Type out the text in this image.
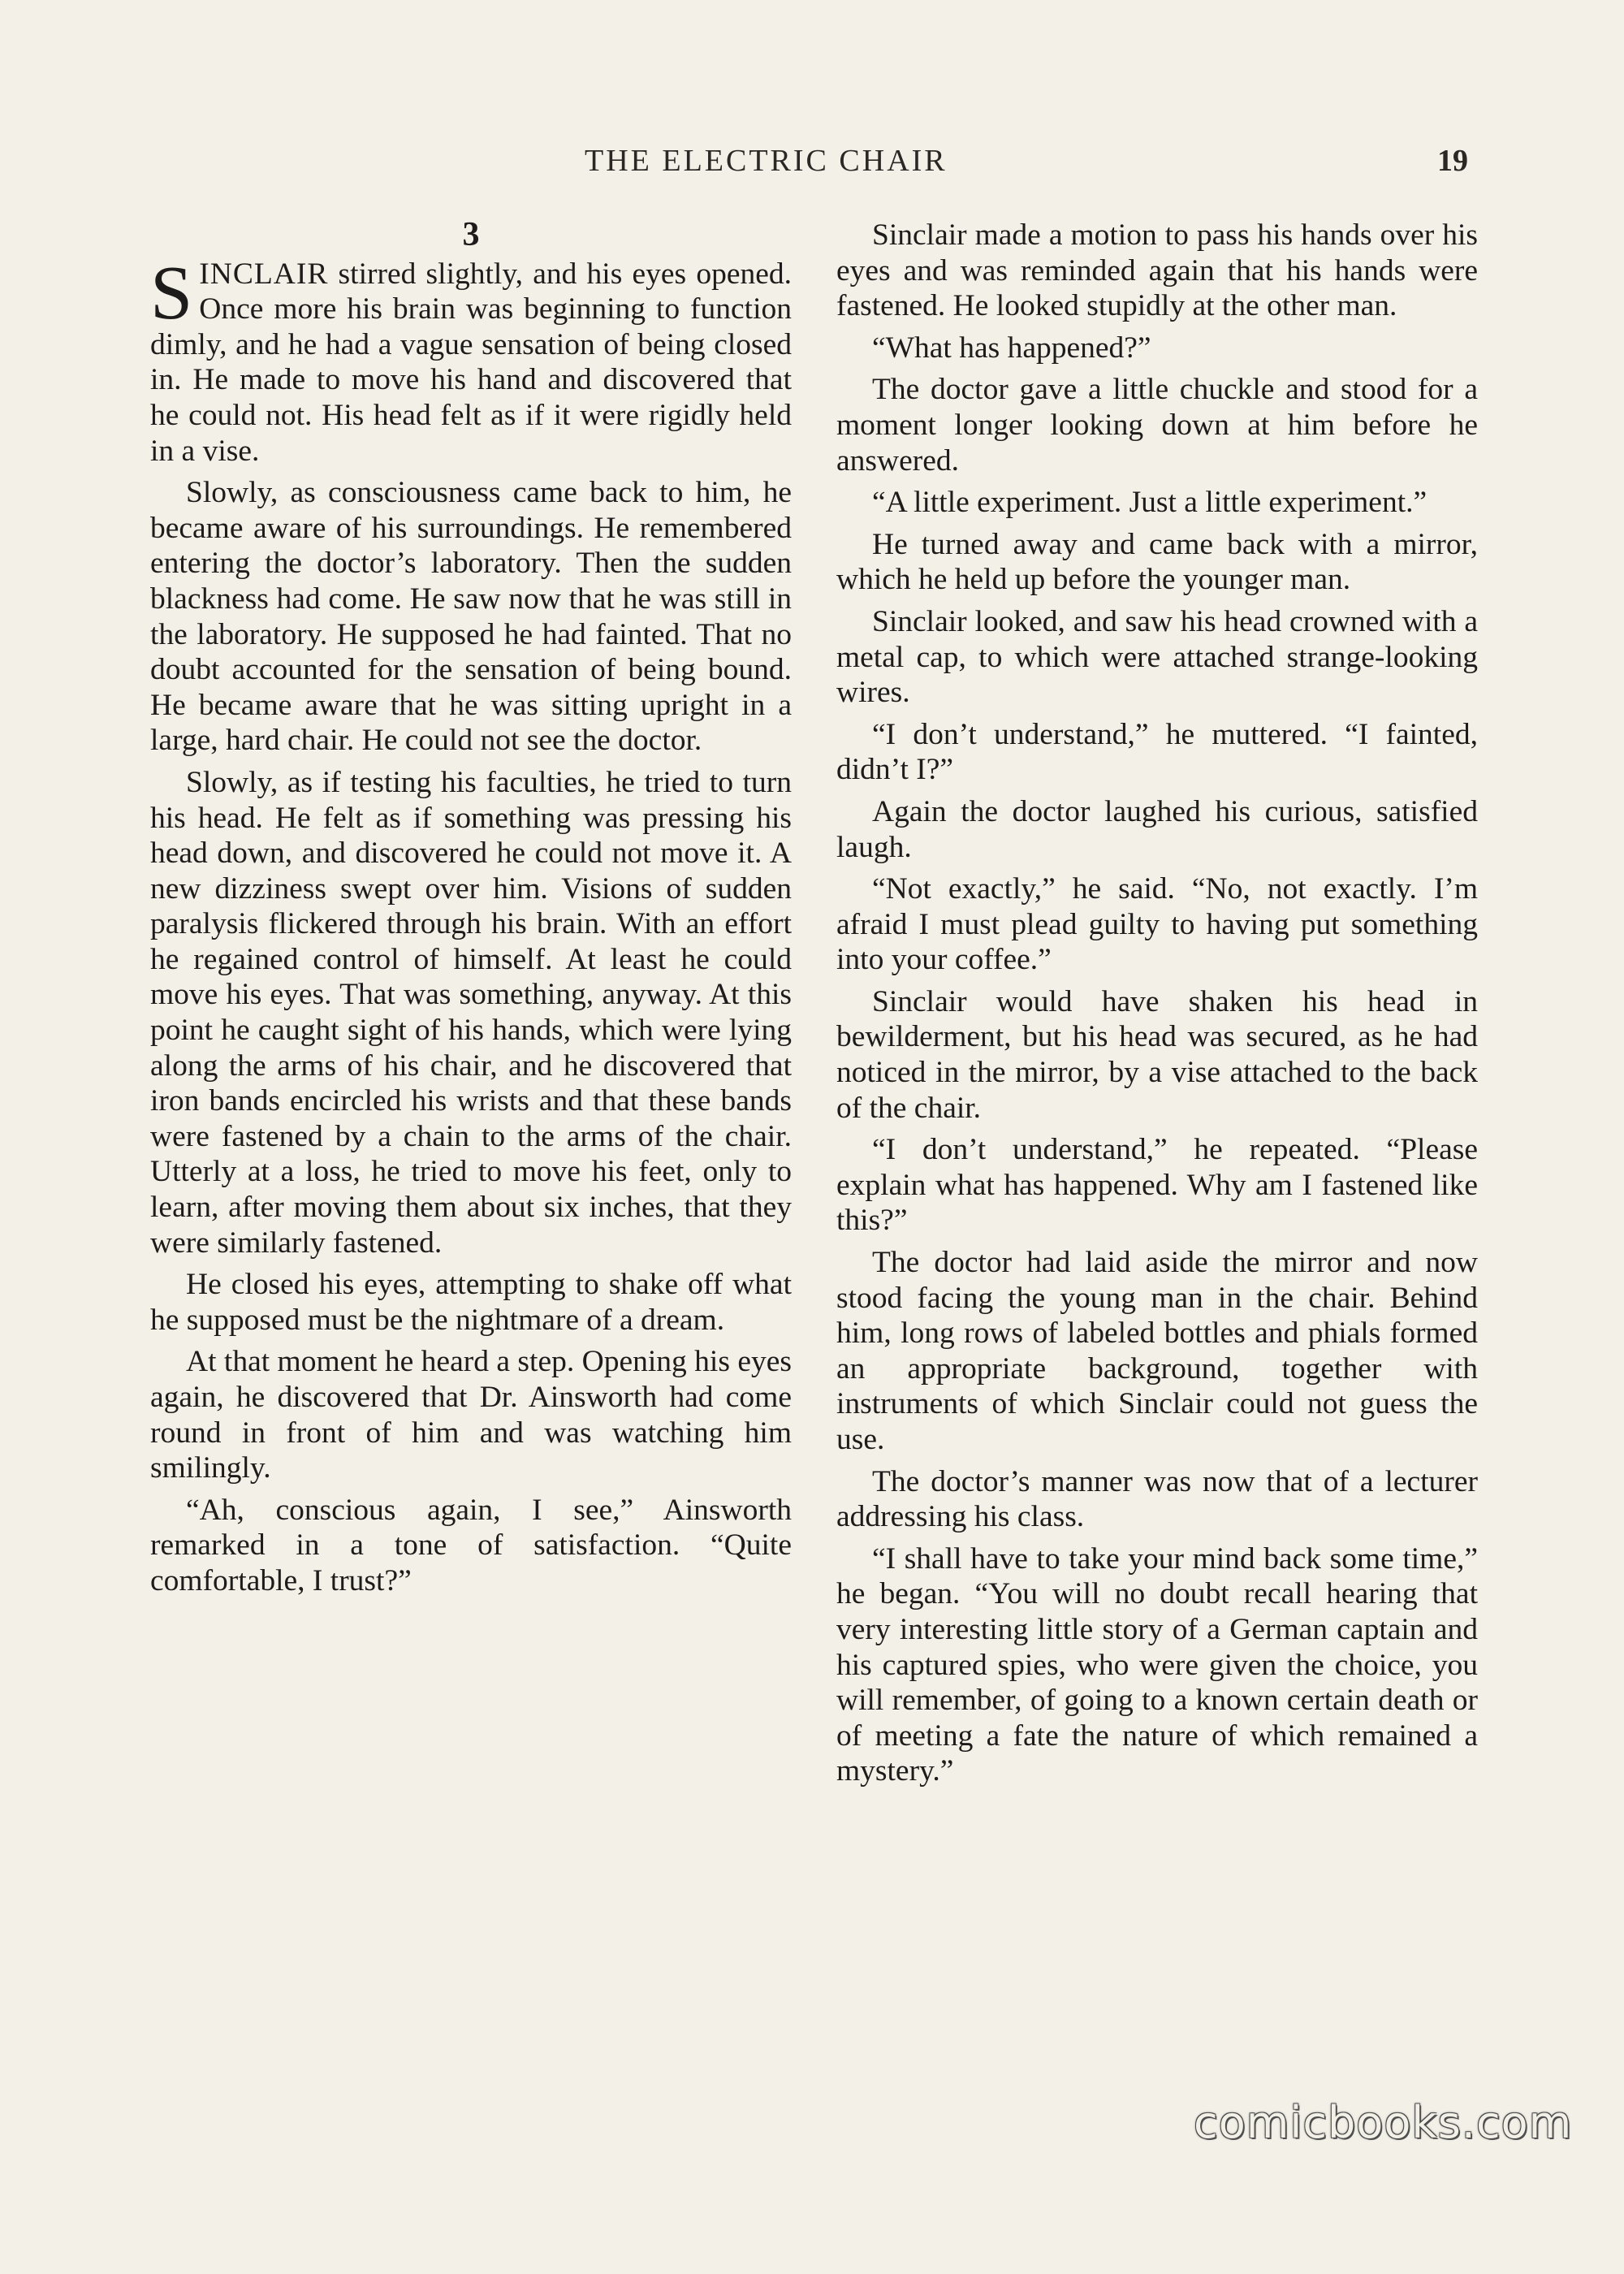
THE ELECTRIC CHAIR	19
3

SINCLAIR stirred slightly, and his eyes opened. Once more his brain was beginning to function dimly, and he had a vague sensation of being closed in. He made to move his hand and discovered that he could not. His head felt as if it were rigidly held in a vise.

Slowly, as consciousness came back to him, he became aware of his surroundings. He remembered entering the doctor’s laboratory. Then the sudden blackness had come. He saw now that he was still in the laboratory. He supposed he had fainted. That no doubt accounted for the sensation of being bound. He became aware that he was sitting upright in a large, hard chair. He could not see the doctor.

Slowly, as if testing his faculties, he tried to turn his head. He felt as if something was pressing his head down, and discovered he could not move it. A new dizziness swept over him. Visions of sudden paralysis flickered through his brain. With an effort he regained control of himself. At least he could move his eyes. That was something, anyway. At this point he caught sight of his hands, which were lying along the arms of his chair, and he discovered that iron bands encircled his wrists and that these bands were fastened by a chain to the arms of the chair. Utterly at a loss, he tried to move his feet, only to learn, after moving them about six inches, that they were similarly fastened.

He closed his eyes, attempting to shake off what he supposed must be the nightmare of a dream.

At that moment he heard a step. Opening his eyes again, he discovered that Dr. Ainsworth had come round in front of him and was watching him smilingly.

“Ah, conscious again, I see,” Ainsworth remarked in a tone of satisfaction. “Quite comfortable, I trust?”

Sinclair made a motion to pass his hands over his eyes and was reminded again that his hands were fastened. He looked stupidly at the other man.

“What has happened?”

The doctor gave a little chuckle and stood for a moment longer looking down at him before he answered.

“A little experiment. Just a little experiment.”

He turned away and came back with a mirror, which he held up before the younger man.

Sinclair looked, and saw his head crowned with a metal cap, to which were attached strange-looking wires.

“I don’t understand,” he muttered. “I fainted, didn’t I?”

Again the doctor laughed his curious, satisfied laugh.

“Not exactly,” he said. “No, not exactly. I’m afraid I must plead guilty to having put something into your coffee.”

Sinclair would have shaken his head in bewilderment, but his head was secured, as he had noticed in the mirror, by a vise attached to the back of the chair.

“I don’t understand,” he repeated. “Please explain what has happened. Why am I fastened like this?”

The doctor had laid aside the mirror and now stood facing the young man in the chair. Behind him, long rows of labeled bottles and phials formed an appropriate background, together with instruments of which Sinclair could not guess the use.

The doctor’s manner was now that of a lecturer addressing his class.

“I shall have to take your mind back some time,” he began. “You will no doubt recall hearing that very interesting little story of a German captain and his captured spies, who were given the choice, you will remember, of going to a known certain death or of meeting a fate the nature of which remained a mystery.”

comicbooks.com
